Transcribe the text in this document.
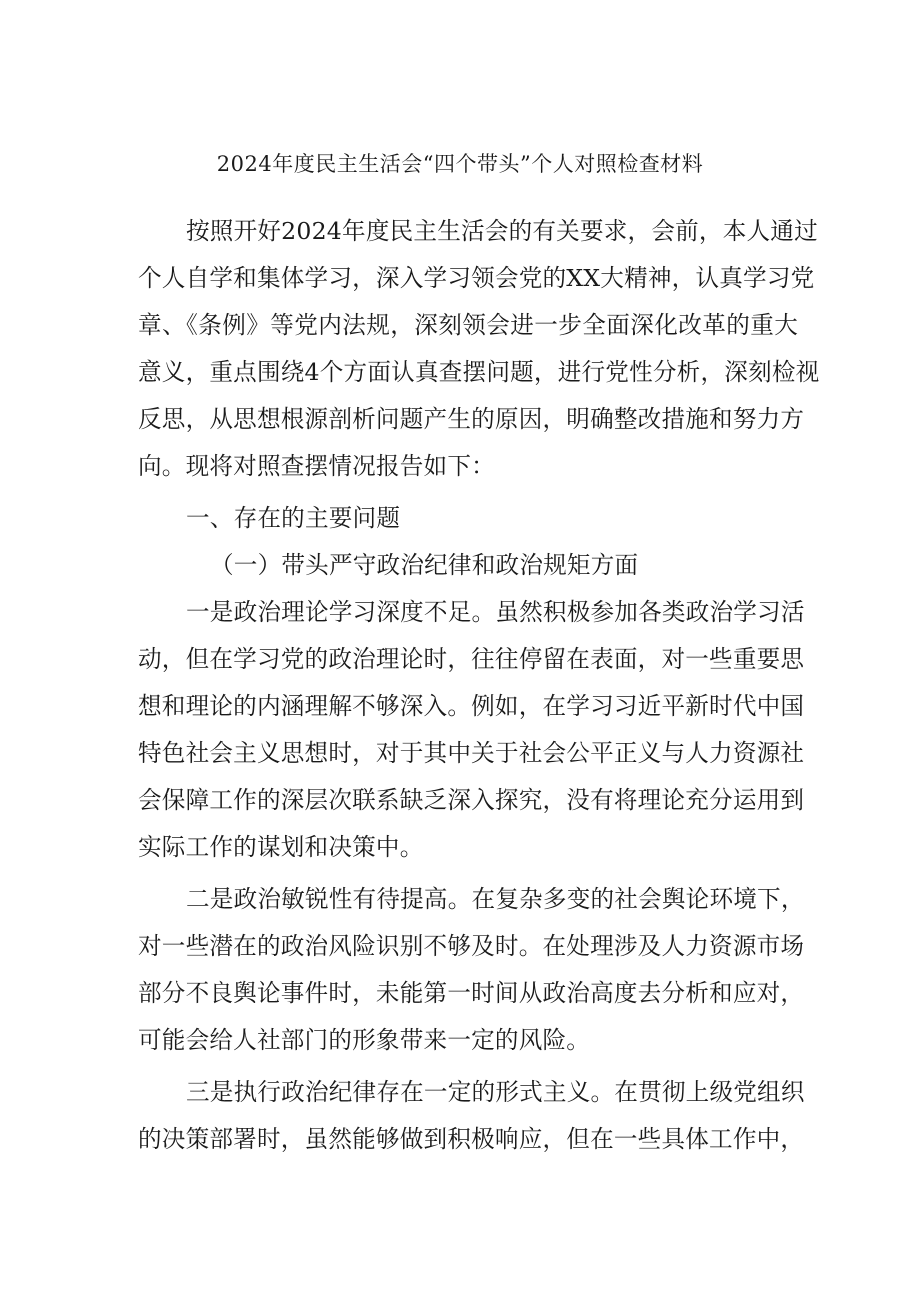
2024年度民主生活会“四个带头”个人对照检查材料
按照开好2024年度民主生活会的有关要求，会前，本人通过
个人自学和集体学习，深入学习领会党的XX大精神，认真学习党
章、《条例》等党内法规，深刻领会进一步全面深化改革的重大
意义，重点围绕4个方面认真查摆问题，进行党性分析，深刻检视
反思，从思想根源剖析问题产生的原因，明确整改措施和努力方
向。现将对照查摆情况报告如下：
一、存在的主要问题
（一）带头严守政治纪律和政治规矩方面
一是政治理论学习深度不足。虽然积极参加各类政治学习活
动，但在学习党的政治理论时，往往停留在表面，对一些重要思
想和理论的内涵理解不够深入。例如，在学习习近平新时代中国
特色社会主义思想时，对于其中关于社会公平正义与人力资源社
会保障工作的深层次联系缺乏深入探究，没有将理论充分运用到
实际工作的谋划和决策中。
二是政治敏锐性有待提高。在复杂多变的社会舆论环境下，
对一些潜在的政治风险识别不够及时。在处理涉及人力资源市场
部分不良舆论事件时，未能第一时间从政治高度去分析和应对，
可能会给人社部门的形象带来一定的风险。
三是执行政治纪律存在一定的形式主义。在贯彻上级党组织
的决策部署时，虽然能够做到积极响应，但在一些具体工作中，
